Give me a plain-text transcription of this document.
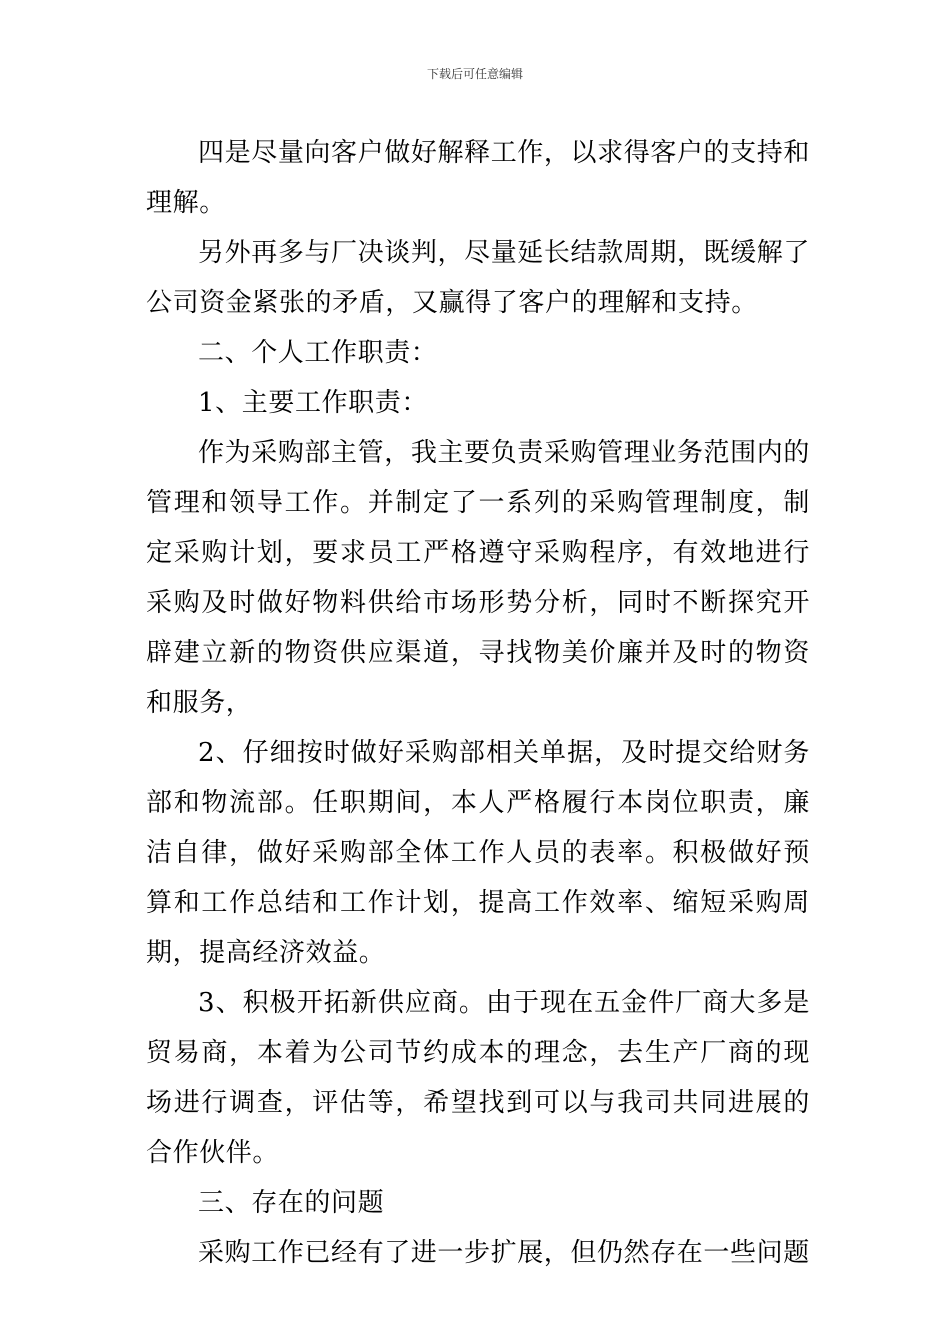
下载后可任意编辑

四是尽量向客户做好解释工作，以求得客户的支持和理解。

另外再多与厂决谈判，尽量延长结款周期，既缓解了公司资金紧张的矛盾，又赢得了客户的理解和支持。

二、个人工作职责：

1、主要工作职责：

作为采购部主管，我主要负责采购管理业务范围内的管理和领导工作。并制定了一系列的采购管理制度，制定采购计划，要求员工严格遵守采购程序，有效地进行采购及时做好物料供给市场形势分析，同时不断探究开辟建立新的物资供应渠道，寻找物美价廉并及时的物资和服务，

2、仔细按时做好采购部相关单据，及时提交给财务部和物流部。任职期间，本人严格履行本岗位职责，廉洁自律，做好采购部全体工作人员的表率。积极做好预算和工作总结和工作计划，提高工作效率、缩短采购周期，提高经济效益。

3、积极开拓新供应商。由于现在五金件厂商大多是贸易商，本着为公司节约成本的理念，去生产厂商的现场进行调查，评估等，希望找到可以与我司共同进展的合作伙伴。

三、存在的问题

采购工作已经有了进一步扩展，但仍然存在一些问题
